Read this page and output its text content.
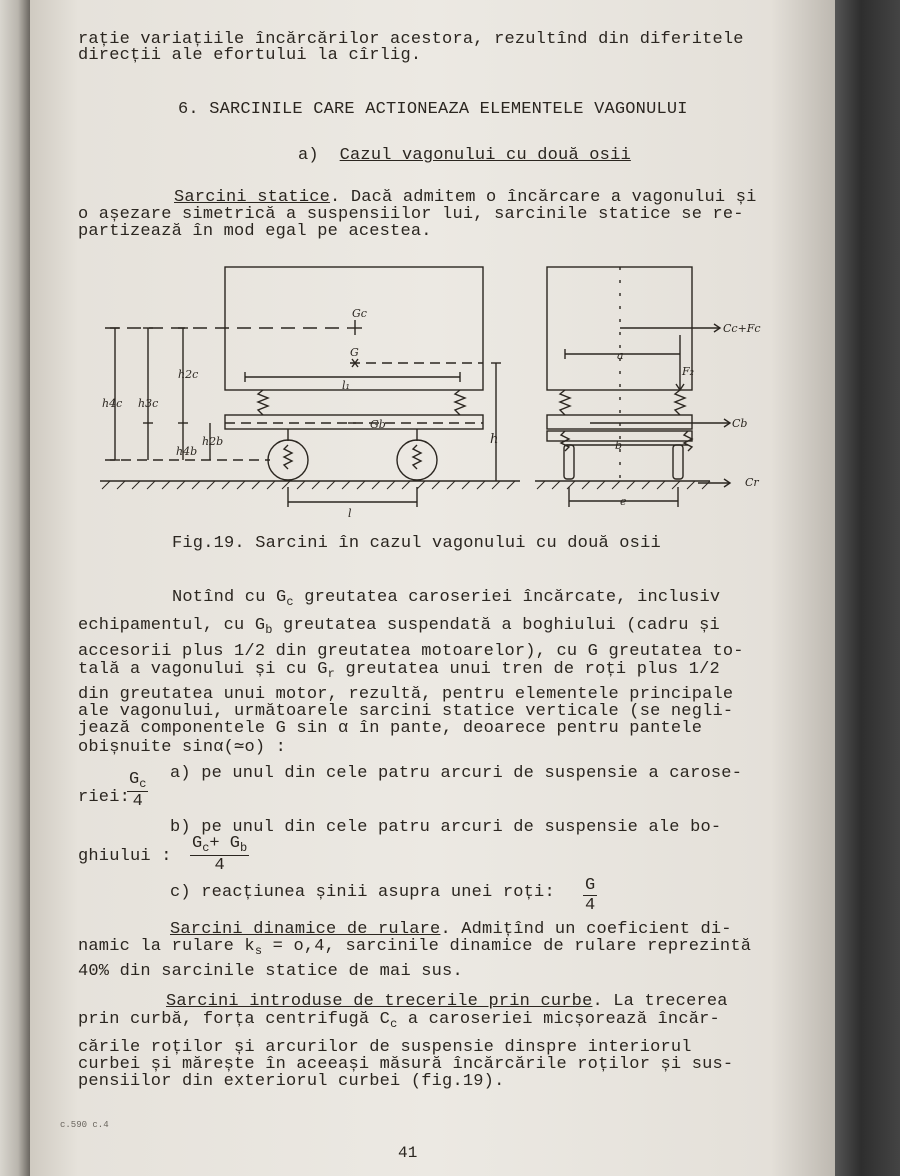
rație variațiile încărcărilor acestora, rezultînd din diferitele
direcții ale efortului la cîrlig.
6. SARCINILE CARE ACTIONEAZA ELEMENTELE VAGONULUI
a) Cazul vagonului cu două osii
Sarcini statice. Dacă admitem o încărcare a vagonului și
o așezare simetrică a suspensiilor lui, sarcinile statice se re-
partizează în mod egal pe acestea.
Gc
G
l₁
Gb
l
h2c
h4c h3c
h4b
h2b	h
Cc+Fc
a
F₂
Cb
b
Cr
e
Fig.19. Sarcini în cazul vagonului cu două osii
Notînd cu $G_c$ greutatea caroseriei încărcate, inclusiv
echipamentul, cu $G_b$ greutatea suspendată a boghiului (cadru și
accesorii plus 1/2 din greutatea motoarelor), cu G greutatea to-
tală a vagonului și cu $G_r$ greutatea unui tren de roți plus 1/2
din greutatea unui motor, rezultă, pentru elementele principale
ale vagonului, următoarele sarcini statice verticale (se negli-
jează componentele G sin α în pante, deoarece pentru pantele
obișnuite sinα(≃o) :
a) pe unul din cele patru arcuri de suspensie a carose-
riei:
$\frac{G_c}{4}$
b) pe unul din cele patru arcuri de suspensie ale bo-
ghiului : $\frac{G_c+ G_b}{4}$
c) reacțiunea șinii asupra unei roți: $\frac{G}{4}$
Sarcini dinamice de rulare. Admițînd un coeficient di-
namic la rulare $k_s = o,4$, sarcinile dinamice de rulare reprezintă
40% din sarcinile statice de mai sus.
Sarcini introduse de trecerile prin curbe. La trecerea
prin curbă, forța centrifugă $C_c$ a caroseriei micșorează încăr-
cările roților și arcurilor de suspensie dinspre interiorul
curbei și mărește în aceeași măsură încărcările roților și sus-
pensiilor din exteriorul curbei (fig.19).
c.590 c.4
41
